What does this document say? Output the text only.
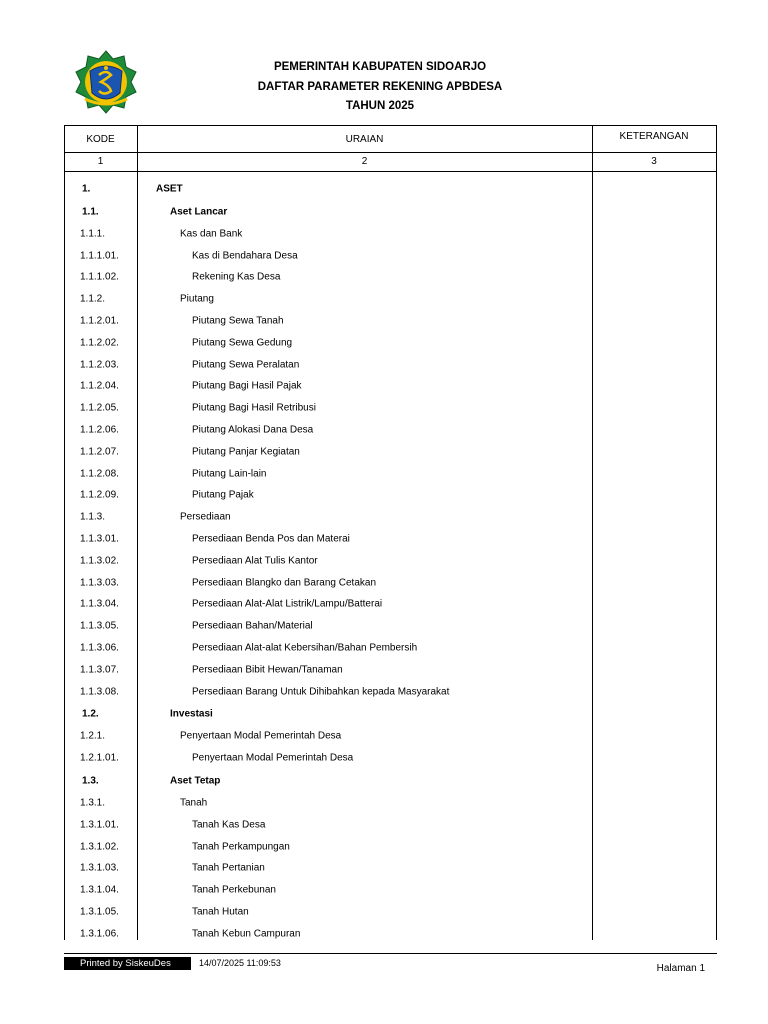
PEMERINTAH KABUPATEN SIDOARJO
DAFTAR PARAMETER REKENING APBDESA
TAHUN 2025
KODE	URAIAN	KETERANGAN
1	2	3
1.	ASET
1.1.	Aset Lancar
1.1.1.	Kas dan Bank
1.1.1.01.	Kas di Bendahara Desa
1.1.1.02.	Rekening Kas Desa
1.1.2.	Piutang
1.1.2.01.	Piutang Sewa Tanah
1.1.2.02.	Piutang Sewa Gedung
1.1.2.03.	Piutang Sewa Peralatan
1.1.2.04.	Piutang Bagi Hasil Pajak
1.1.2.05.	Piutang Bagi Hasil Retribusi
1.1.2.06.	Piutang Alokasi Dana Desa
1.1.2.07.	Piutang Panjar Kegiatan
1.1.2.08.	Piutang Lain-lain
1.1.2.09.	Piutang Pajak
1.1.3.	Persediaan
1.1.3.01.	Persediaan Benda Pos dan Materai
1.1.3.02.	Persediaan Alat Tulis Kantor
1.1.3.03.	Persediaan Blangko dan Barang Cetakan
1.1.3.04.	Persediaan Alat-Alat Listrik/Lampu/Batterai
1.1.3.05.	Persediaan Bahan/Material
1.1.3.06.	Persediaan Alat-alat Kebersihan/Bahan Pembersih
1.1.3.07.	Persediaan Bibit Hewan/Tanaman
1.1.3.08.	Persediaan Barang Untuk Dihibahkan kepada Masyarakat
1.2.	Investasi
1.2.1.	Penyertaan Modal Pemerintah Desa
1.2.1.01.	Penyertaan Modal Pemerintah Desa
1.3.	Aset Tetap
1.3.1.	Tanah
1.3.1.01.	Tanah Kas Desa
1.3.1.02.	Tanah Perkampungan
1.3.1.03.	Tanah Pertanian
1.3.1.04.	Tanah Perkebunan
1.3.1.05.	Tanah Hutan
1.3.1.06.	Tanah Kebun Campuran
Printed by SiskeuDes	14/07/2025 11:09:53	Halaman 1
